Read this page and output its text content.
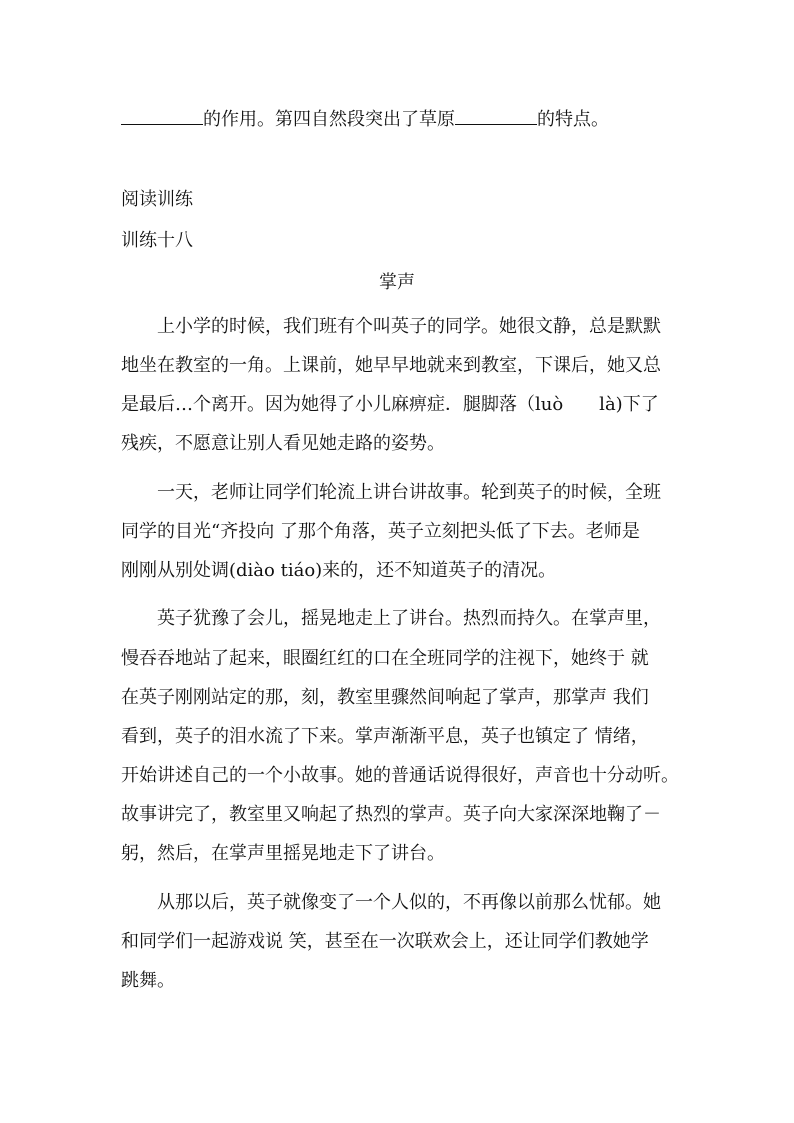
的作用。第四自然段突出了草原	的特点。
阅读训练
训练十八
掌声
上小学的时候，我们班有个叫英子的同学。她很文静，总是默默
地坐在教室的一角。上课前，她早早地就来到教室，下课后，她又总
是最后…个离开。因为她得了小儿麻痹症．腿脚落（luò　　là)下了
残疾，不愿意让别人看见她走路的姿势。
一天，老师让同学们轮流上讲台讲故事。轮到英子的时候，全班
同学的目光“齐投向 了那个角落，英子立刻把头低了下去。老师是
刚刚从别处调(diào tiáo)来的，还不知道英子的清况。
英子犹豫了会儿，摇晃地走上了讲台。热烈而持久。在掌声里，
慢吞吞地站了起来，眼圈红红的口在全班同学的注视下，她终于 就
在英子刚刚站定的那，刻，教室里骤然间响起了掌声，那掌声 我们
看到，英子的泪水流了下来。掌声渐渐平息，英子也镇定了 情绪，
开始讲述自己的一个小故事。她的普通话说得很好，声音也十分动听。
故事讲完了，教室里又响起了热烈的掌声。英子向大家深深地鞠了－
躬，然后，在掌声里摇晃地走下了讲台。
从那以后，英子就像变了一个人似的，不再像以前那么忧郁。她
和同学们一起游戏说 笑，甚至在一次联欢会上，还让同学们教她学
跳舞。
